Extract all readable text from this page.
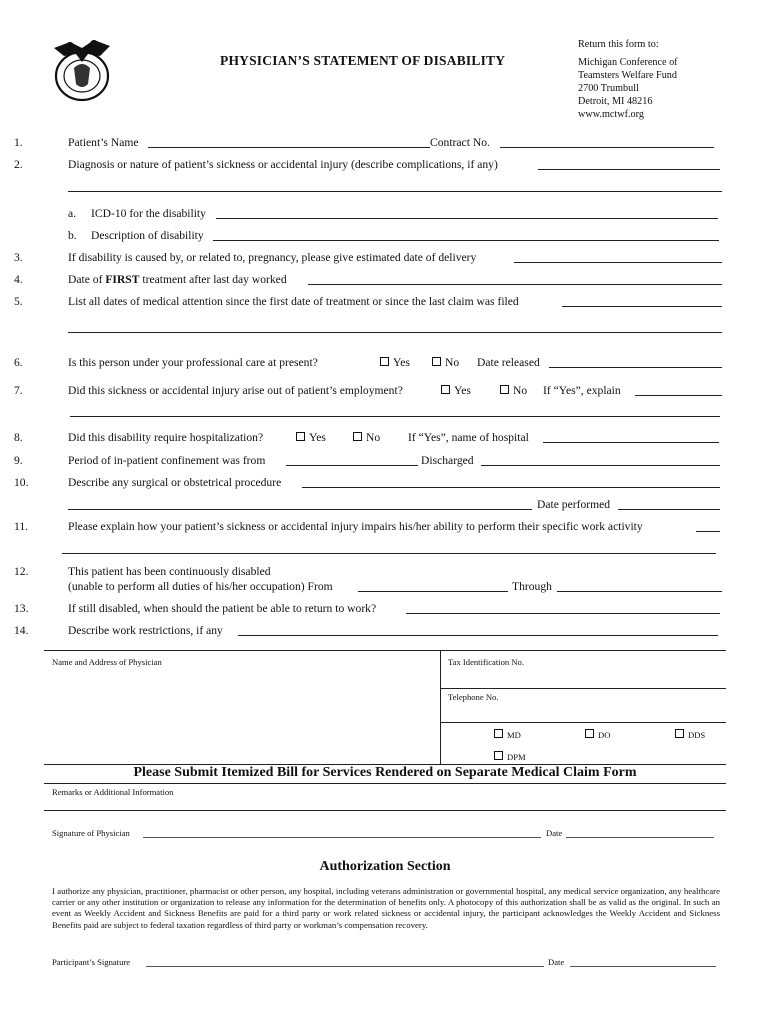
PHYSICIAN’S STATEMENT OF DISABILITY
Return this form to:
Michigan Conference of
Teamsters Welfare Fund
2700 Trumbull
Detroit, MI 48216
www.mctwf.org
1.	Patient’s Name	Contract No.
2.	Diagnosis or nature of patient’s sickness or accidental injury (describe complications, if any)
a. ICD-10 for the disability
b. Description of disability
3.	If disability is caused by, or related to, pregnancy, please give estimated date of delivery
4.	Date of FIRST treatment after last day worked
5.	List all dates of medical attention since the first date of treatment or since the last claim was filed
6.	Is this person under your professional care at present?	Yes	No Date released
7.	Did this sickness or accidental injury arise out of patient’s employment?	Yes	No If “Yes”, explain
8.	Did this disability require hospitalization?	Yes	No If “Yes”, name of hospital
9.	Period of in-patient confinement was from	Discharged
10.	Describe any surgical or obstetrical procedure
Date performed
11.	Please explain how your patient’s sickness or accidental injury impairs his/her ability to perform their specific work activity
12.	This patient has been continuously disabled
(unable to perform all duties of his/her occupation) From	Through
13.	If still disabled, when should the patient be able to return to work?
14.	Describe work restrictions, if any
Name and Address of Physician	Tax Identification No.
Telephone No.
MD	DO	DDS
DPM
Please Submit Itemized Bill for Services Rendered on Separate Medical Claim Form
Remarks or Additional Information
Signature of Physician	Date
Authorization Section
I authorize any physician, practitioner, pharmacist or other person, any hospital, including veterans administration or governmental hospital, any medical service organization, any healthcare carrier or any other institution or organization to release any information for the determination of benefits only. A photocopy of this authorization shall be as valid as the original. In such an event as Weekly Accident and Sickness Benefits are paid for a third party or work related sickness or accidental injury, the participant acknowledges the Weekly Accident and Sickness Benefits paid are subject to federal taxation regardless of third party or workman’s compensation recovery.
Participant’s Signature	Date
